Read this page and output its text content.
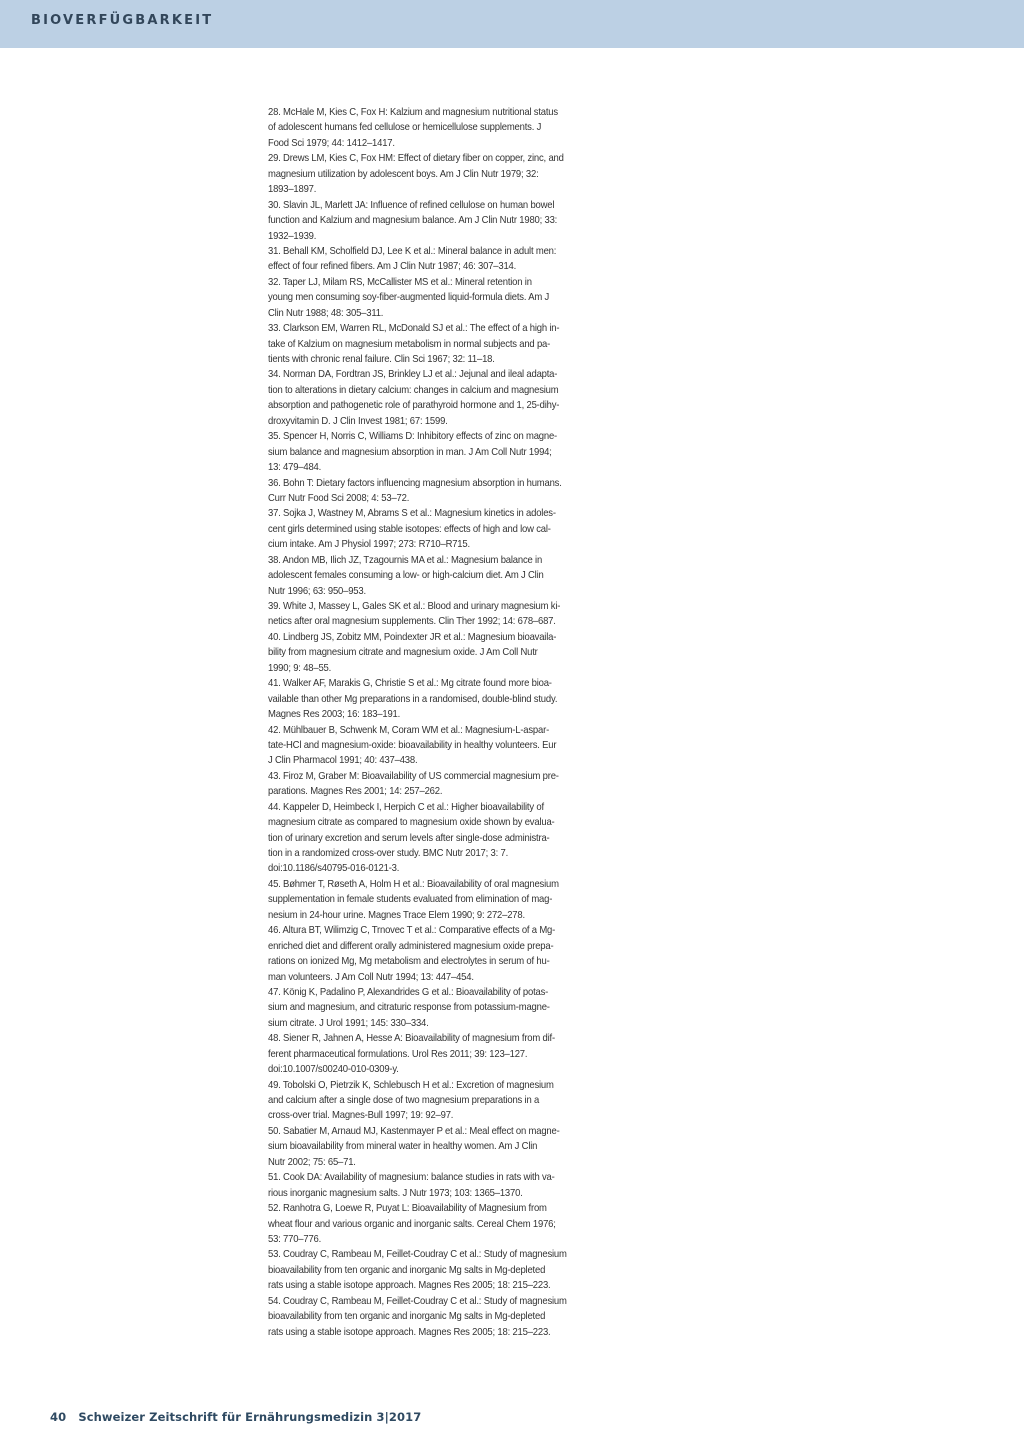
BIOVERFÜGBARKEIT
28. McHale M, Kies C, Fox H: Kalzium and magnesium nutritional status
of adolescent humans fed cellulose or hemicellulose supplements. J
Food Sci 1979; 44: 1412–1417.
29. Drews LM, Kies C, Fox HM: Effect of dietary fiber on copper, zinc, and
magnesium utilization by adolescent boys. Am J Clin Nutr 1979; 32:
1893–1897.
30. Slavin JL, Marlett JA: Influence of refined cellulose on human bowel
function and Kalzium and magnesium balance. Am J Clin Nutr 1980; 33:
1932–1939.
31. Behall KM, Scholfield DJ, Lee K et al.: Mineral balance in adult men:
effect of four refined fibers. Am J Clin Nutr 1987; 46: 307–314.
32. Taper LJ, Milam RS, McCallister MS et al.: Mineral retention in
young men consuming soy-fiber-augmented liquid-formula diets. Am J
Clin Nutr 1988; 48: 305–311.
33. Clarkson EM, Warren RL, McDonald SJ et al.: The effect of a high in-
take of Kalzium on magnesium metabolism in normal subjects and pa-
tients with chronic renal failure. Clin Sci 1967; 32: 11–18.
34. Norman DA, Fordtran JS, Brinkley LJ et al.: Jejunal and ileal adapta-
tion to alterations in dietary calcium: changes in calcium and magnesium
absorption and pathogenetic role of parathyroid hormone and 1, 25-dihy-
droxyvitamin D. J Clin Invest 1981; 67: 1599.
35. Spencer H, Norris C, Williams D: Inhibitory effects of zinc on magne-
sium balance and magnesium absorption in man. J Am Coll Nutr 1994;
13: 479–484.
36. Bohn T: Dietary factors influencing magnesium absorption in humans.
Curr Nutr Food Sci 2008; 4: 53–72.
37. Sojka J, Wastney M, Abrams S et al.: Magnesium kinetics in adoles-
cent girls determined using stable isotopes: effects of high and low cal-
cium intake. Am J Physiol 1997; 273: R710–R715.
38. Andon MB, Ilich JZ, Tzagournis MA et al.: Magnesium balance in
adolescent females consuming a low- or high-calcium diet. Am J Clin
Nutr 1996; 63: 950–953.
39. White J, Massey L, Gales SK et al.: Blood and urinary magnesium ki-
netics after oral magnesium supplements. Clin Ther 1992; 14: 678–687.
40. Lindberg JS, Zobitz MM, Poindexter JR et al.: Magnesium bioavaila-
bility from magnesium citrate and magnesium oxide. J Am Coll Nutr
1990; 9: 48–55.
41. Walker AF, Marakis G, Christie S et al.: Mg citrate found more bioa-
vailable than other Mg preparations in a randomised, double-blind study.
Magnes Res 2003; 16: 183–191.
42. Mühlbauer B, Schwenk M, Coram WM et al.: Magnesium-L-aspar-
tate-HCl and magnesium-oxide: bioavailability in healthy volunteers. Eur
J Clin Pharmacol 1991; 40: 437–438.
43. Firoz M, Graber M: Bioavailability of US commercial magnesium pre-
parations. Magnes Res 2001; 14: 257–262.
44. Kappeler D, Heimbeck I, Herpich C et al.: Higher bioavailability of
magnesium citrate as compared to magnesium oxide shown by evalua-
tion of urinary excretion and serum levels after single-dose administra-
tion in a randomized cross-over study. BMC Nutr 2017; 3: 7.
doi:10.1186/s40795-016-0121-3.
45. Bøhmer T, Røseth A, Holm H et al.: Bioavailability of oral magnesium
supplementation in female students evaluated from elimination of mag-
nesium in 24-hour urine. Magnes Trace Elem 1990; 9: 272–278.
46. Altura BT, Wilimzig C, Trnovec T et al.: Comparative effects of a Mg-
enriched diet and different orally administered magnesium oxide prepa-
rations on ionized Mg, Mg metabolism and electrolytes in serum of hu-
man volunteers. J Am Coll Nutr 1994; 13: 447–454.
47. König K, Padalino P, Alexandrides G et al.: Bioavailability of potas-
sium and magnesium, and citraturic response from potassium-magne-
sium citrate. J Urol 1991; 145: 330–334.
48. Siener R, Jahnen A, Hesse A: Bioavailability of magnesium from dif-
ferent pharmaceutical formulations. Urol Res 2011; 39: 123–127.
doi:10.1007/s00240-010-0309-y.
49. Tobolski O, Pietrzik K, Schlebusch H et al.: Excretion of magnesium
and calcium after a single dose of two magnesium preparations in a
cross-over trial. Magnes-Bull 1997; 19: 92–97.
50. Sabatier M, Arnaud MJ, Kastenmayer P et al.: Meal effect on magne-
sium bioavailability from mineral water in healthy women. Am J Clin
Nutr 2002; 75: 65–71.
51. Cook DA: Availability of magnesium: balance studies in rats with va-
rious inorganic magnesium salts. J Nutr 1973; 103: 1365–1370.
52. Ranhotra G, Loewe R, Puyat L: Bioavailability of Magnesium from
wheat flour and various organic and inorganic salts. Cereal Chem 1976;
53: 770–776.
53. Coudray C, Rambeau M, Feillet-Coudray C et al.: Study of magnesium
bioavailability from ten organic and inorganic Mg salts in Mg-depleted
rats using a stable isotope approach. Magnes Res 2005; 18: 215–223.
54. Coudray C, Rambeau M, Feillet-Coudray C et al.: Study of magnesium
bioavailability from ten organic and inorganic Mg salts in Mg-depleted
rats using a stable isotope approach. Magnes Res 2005; 18: 215–223.
40 Schweizer Zeitschrift für Ernährungsmedizin 3|2017
